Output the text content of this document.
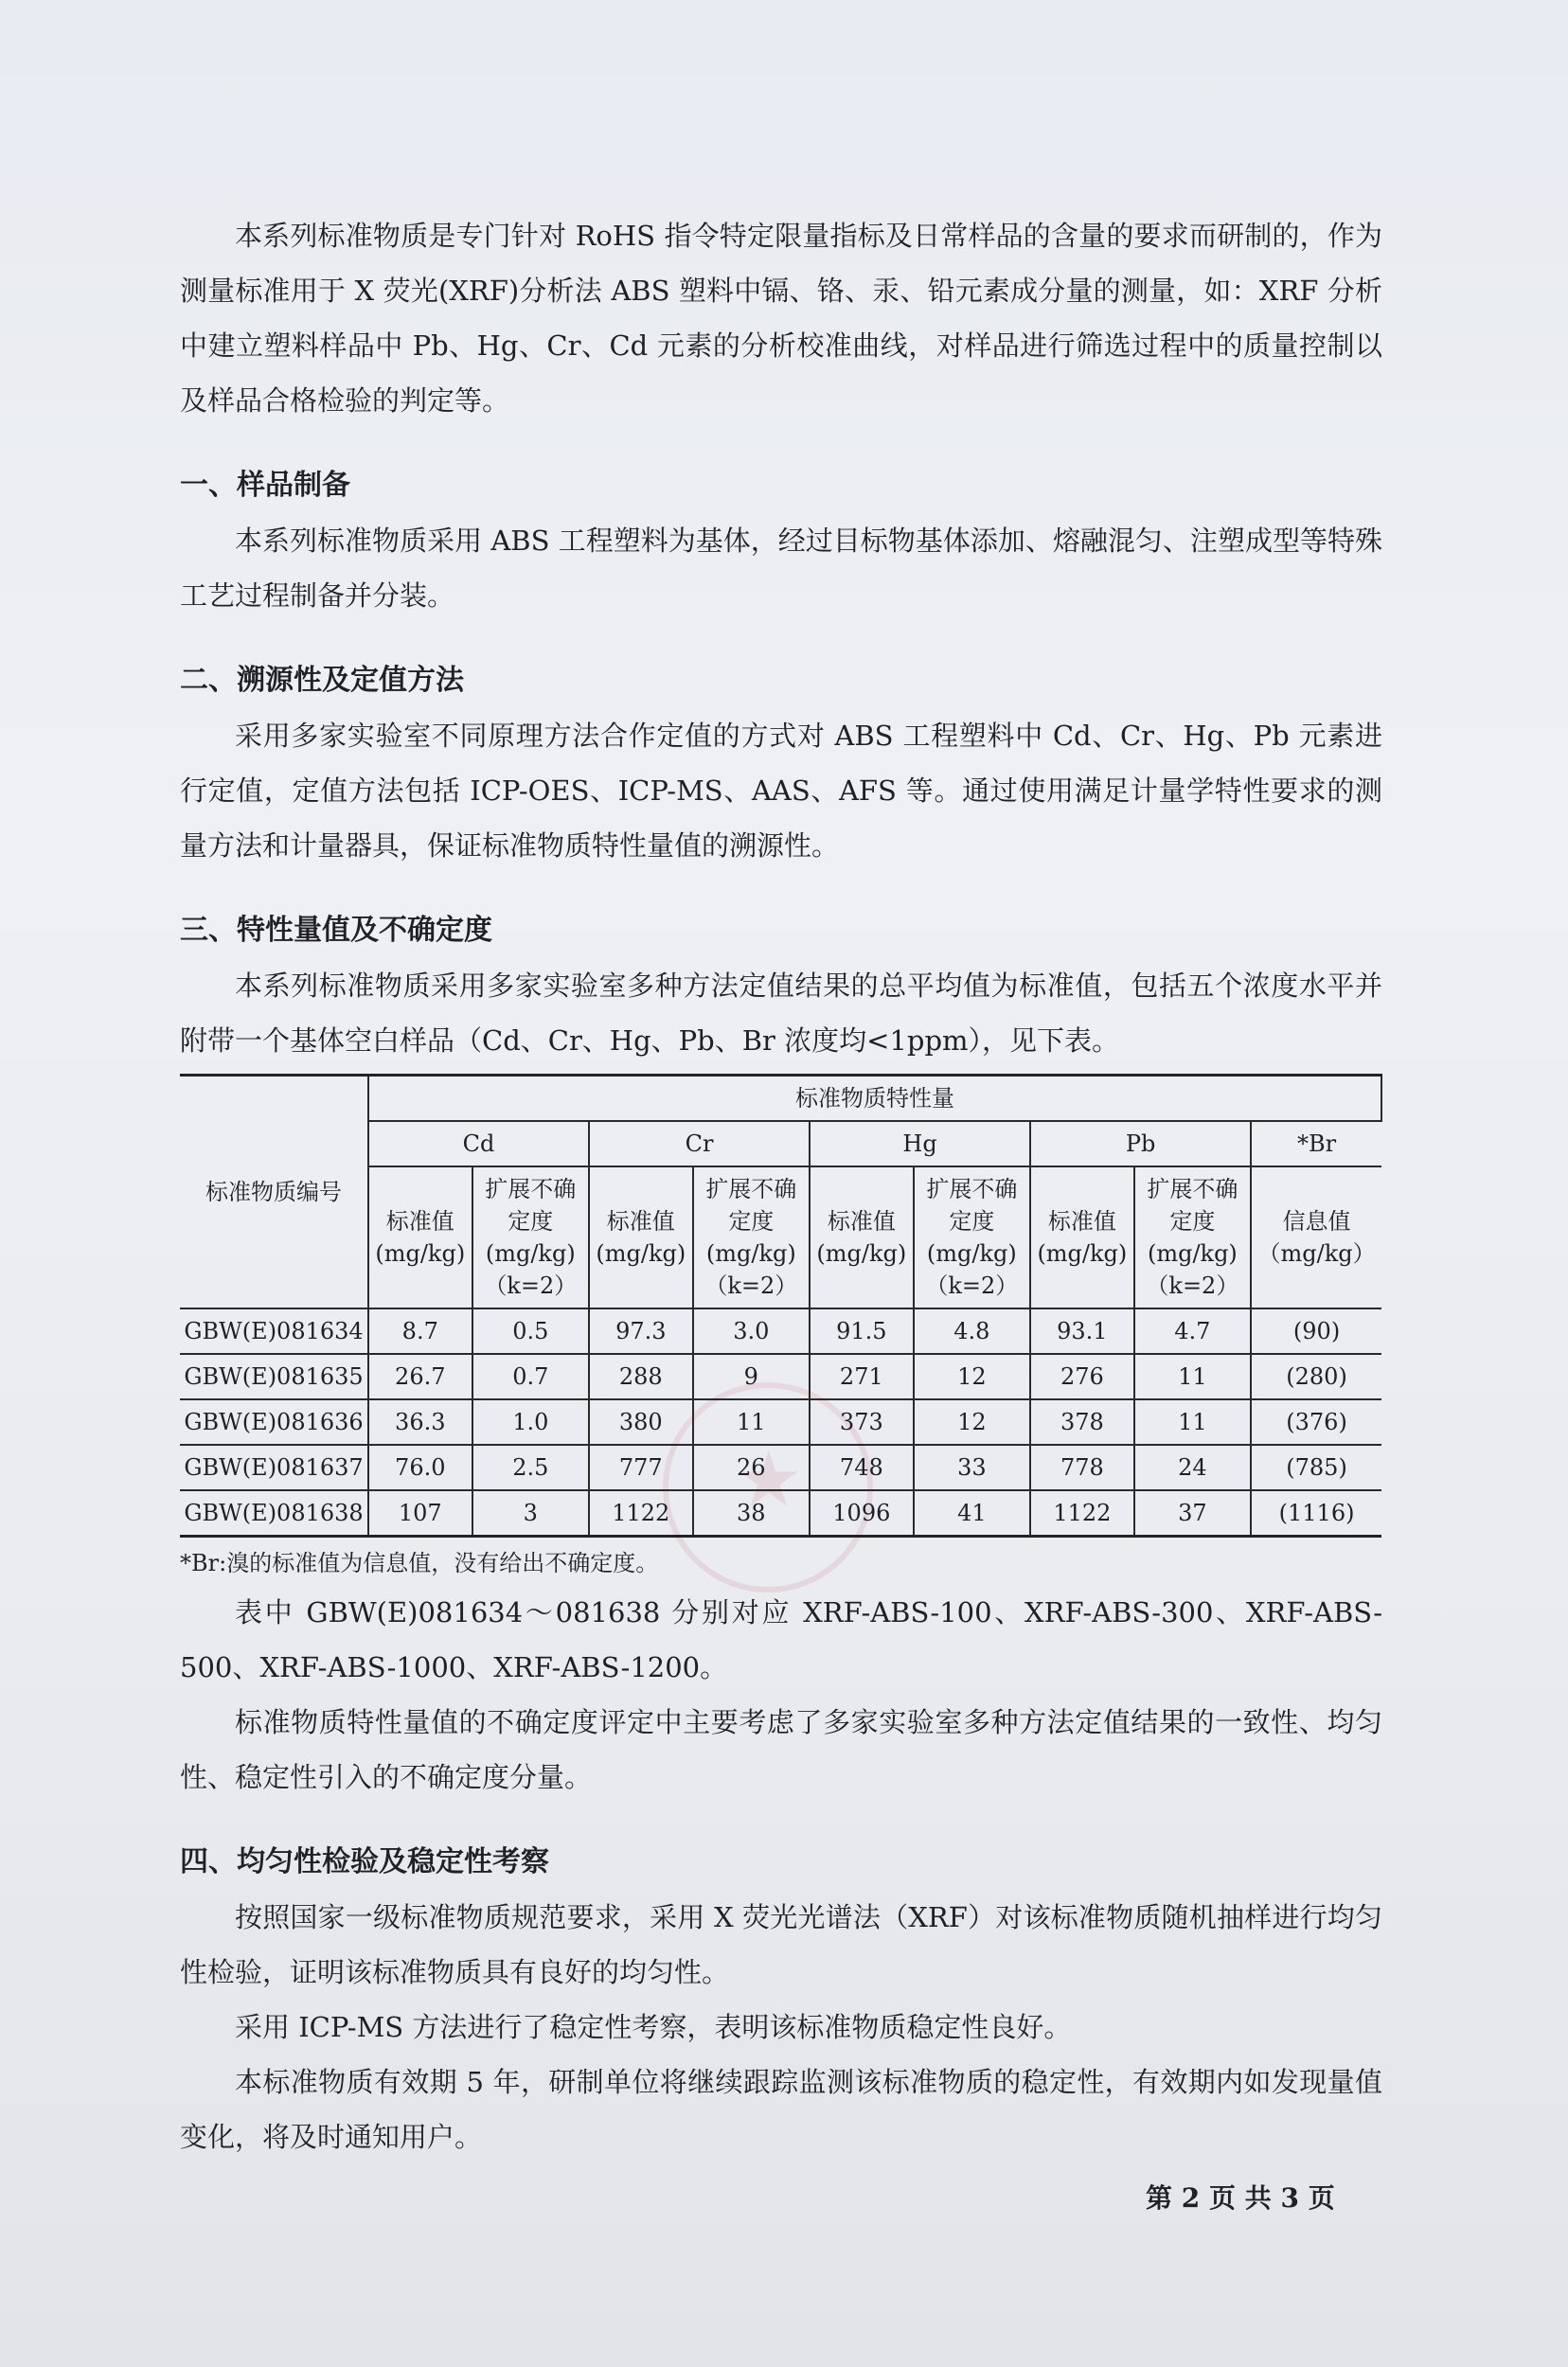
★

本系列标准物质是专门针对 RoHS 指令特定限量指标及日常样品的含量的要求而研制的，作为测量标准用于 X 荧光(XRF)分析法 ABS 塑料中镉、铬、汞、铅元素成分量的测量，如：XRF 分析中建立塑料样品中 Pb、Hg、Cr、Cd 元素的分析校准曲线，对样品进行筛选过程中的质量控制以及样品合格检验的判定等。

一、样品制备

本系列标准物质采用 ABS 工程塑料为基体，经过目标物基体添加、熔融混匀、注塑成型等特殊工艺过程制备并分装。

二、溯源性及定值方法

采用多家实验室不同原理方法合作定值的方式对 ABS 工程塑料中 Cd、Cr、Hg、Pb 元素进行定值，定值方法包括 ICP-OES、ICP-MS、AAS、AFS 等。通过使用满足计量学特性要求的测量方法和计量器具，保证标准物质特性量值的溯源性。

三、特性量值及不确定度

本系列标准物质采用多家实验室多种方法定值结果的总平均值为标准值，包括五个浓度水平并附带一个基体空白样品（Cd、Cr、Hg、Pb、Br 浓度均<1ppm），见下表。

标准物质编号	标准物质特性量								
	Cd		Cr		Hg		Pb		*Br
	标准值(mg/kg)	扩展不确定度(mg/kg)（k=2）	标准值(mg/kg)	扩展不确定度(mg/kg)（k=2）	标准值(mg/kg)	扩展不确定度(mg/kg)（k=2）	标准值(mg/kg)	扩展不确定度(mg/kg)（k=2）	信息值（mg/kg）
GBW(E)081634	8.7	0.5	97.3	3.0	91.5	4.8	93.1	4.7	(90)
GBW(E)081635	26.7	0.7	288	9	271	12	276	11	(280)
GBW(E)081636	36.3	1.0	380	11	373	12	378	11	(376)
GBW(E)081637	76.0	2.5	777	26	748	33	778	24	(785)
GBW(E)081638	107	3	1122	38	1096	41	1122	37	(1116)

*Br:溴的标准值为信息值，没有给出不确定度。

表中 GBW(E)081634～081638 分别对应 XRF-ABS-100、XRF-ABS-300、XRF-ABS-500、XRF-ABS-1000、XRF-ABS-1200。

标准物质特性量值的不确定度评定中主要考虑了多家实验室多种方法定值结果的一致性、均匀性、稳定性引入的不确定度分量。

四、均匀性检验及稳定性考察

按照国家一级标准物质规范要求，采用 X 荧光光谱法（XRF）对该标准物质随机抽样进行均匀性检验，证明该标准物质具有良好的均匀性。

采用 ICP-MS 方法进行了稳定性考察，表明该标准物质稳定性良好。

本标准物质有效期 5 年，研制单位将继续跟踪监测该标准物质的稳定性，有效期内如发现量值变化，将及时通知用户。

第 2 页 共 3 页
